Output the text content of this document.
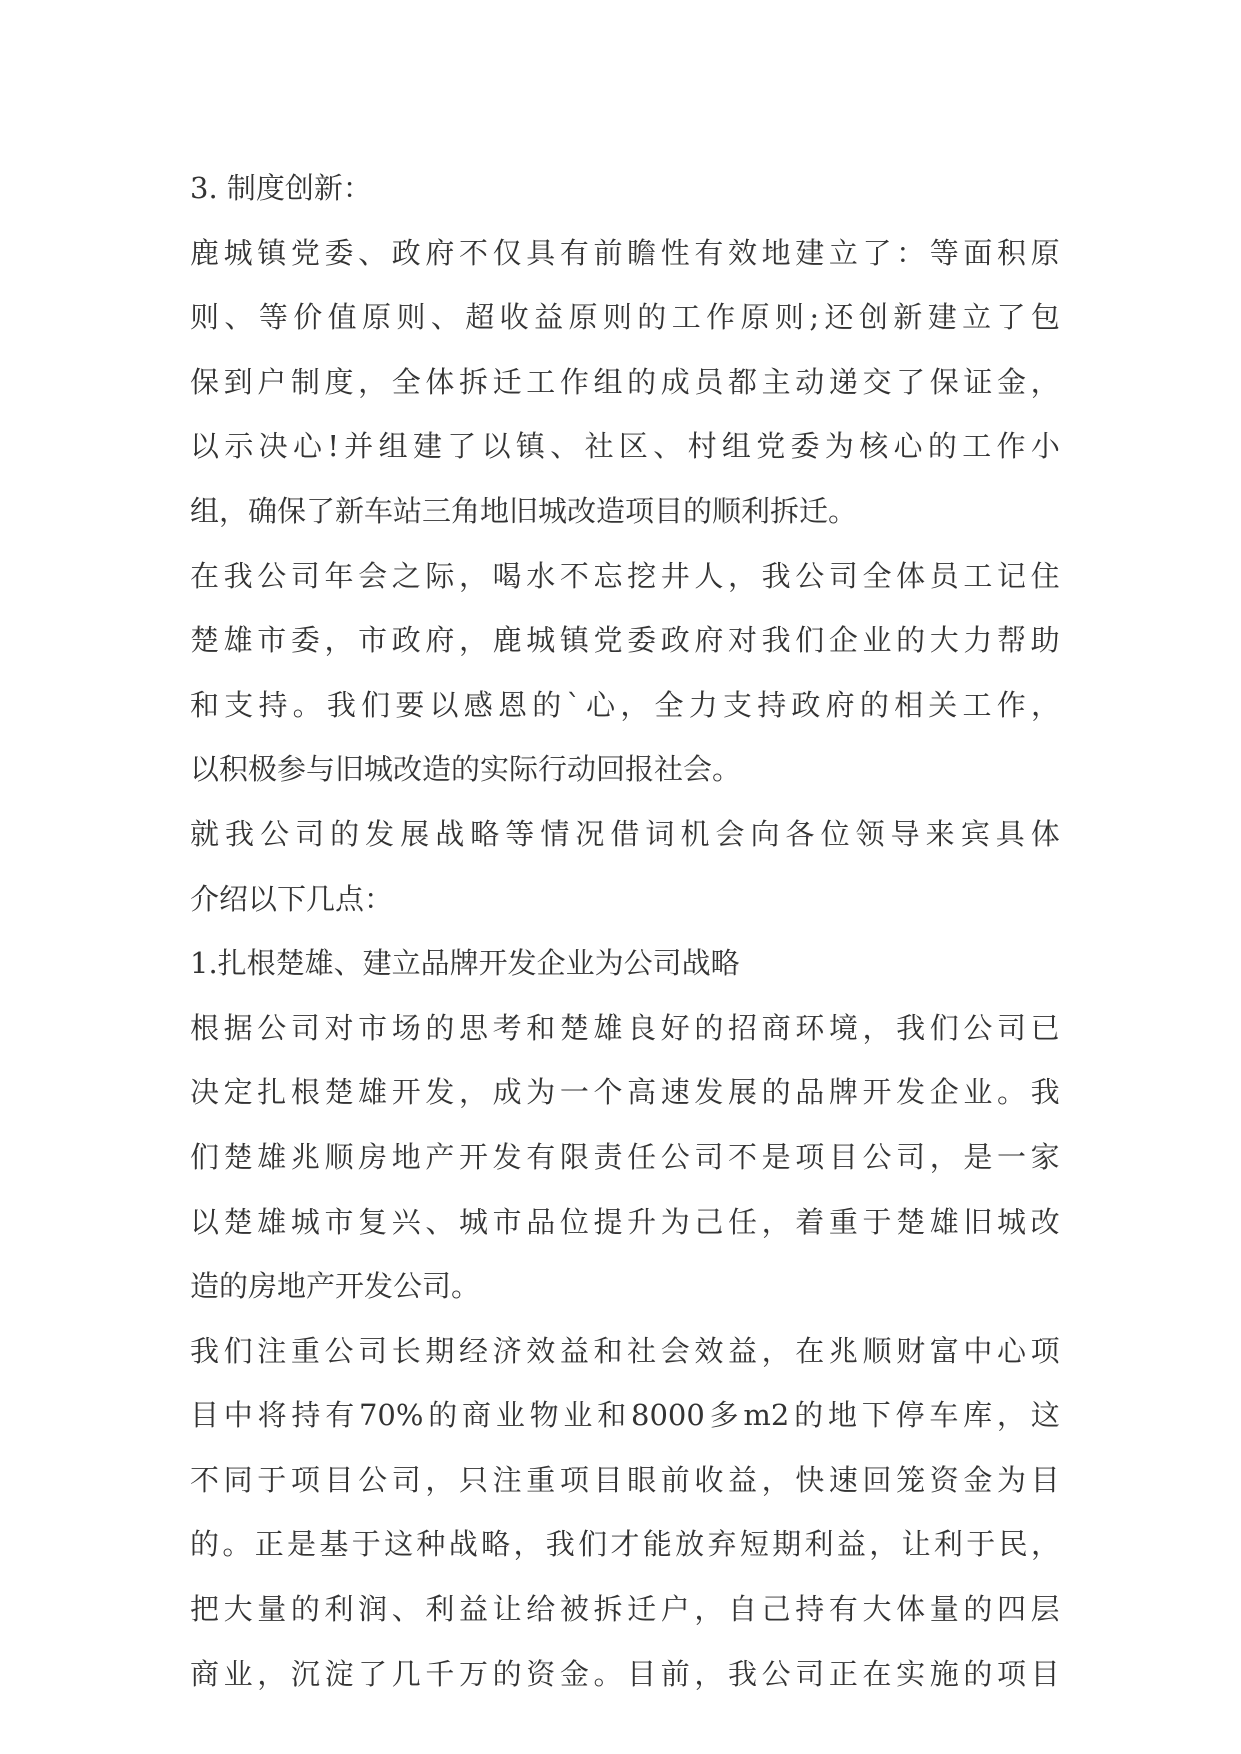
3. 制度创新：
鹿 城 镇 党 委 、 政 府 不 仅 具 有 前 瞻 性 有 效 地 建 立 了 ： 等 面 积 原
则 、 等 价 值 原 则 、 超 收 益 原 则 的 工 作 原 则 ; 还 创 新 建 立 了 包
保 到 户 制 度 ， 全 体 拆 迁 工 作 组 的 成 员 都 主 动 递 交 了 保 证 金 ，
以 示 决 心 ! 并 组 建 了 以 镇 、 社 区 、 村 组 党 委 为 核 心 的 工 作 小
组，确保了新车站三角地旧城改造项目的顺利拆迁。
在 我 公 司 年 会 之 际 ， 喝 水 不 忘 挖 井 人 ， 我 公 司 全 体 员 工 记 住
楚 雄 市 委 ， 市 政 府 ， 鹿 城 镇 党 委 政 府 对 我 们 企 业 的 大 力 帮 助
和 支 持 。 我 们 要 以 感 恩 的 ` 心 ， 全 力 支 持 政 府 的 相 关 工 作 ，
以积极参与旧城改造的实际行动回报社会。
就 我 公 司 的 发 展 战 略 等 情 况 借 词 机 会 向 各 位 领 导 来 宾 具 体
介绍以下几点：
1.扎根楚雄、建立品牌开发企业为公司战略
根 据 公 司 对 市 场 的 思 考 和 楚 雄 良 好 的 招 商 环 境 ， 我 们 公 司 已
决 定 扎 根 楚 雄 开 发 ， 成 为 一 个 高 速 发 展 的 品 牌 开 发 企 业 。 我
们 楚 雄 兆 顺 房 地 产 开 发 有 限 责 任 公 司 不 是 项 目 公 司 ， 是 一 家
以 楚 雄 城 市 复 兴 、 城 市 品 位 提 升 为 己 任 ， 着 重 于 楚 雄 旧 城 改
造的房地产开发公司。
我 们 注 重 公 司 长 期 经 济 效 益 和 社 会 效 益 ， 在 兆 顺 财 富 中 心 项
目 中 将 持 有 70% 的 商 业 物 业 和 8000 多 m2 的 地 下 停 车 库 ， 这
不 同 于 项 目 公 司 ， 只 注 重 项 目 眼 前 收 益 ， 快 速 回 笼 资 金 为 目
的 。 正 是 基 于 这 种 战 略 ， 我 们 才 能 放 弃 短 期 利 益 ， 让 利 于 民 ，
把 大 量 的 利 润 、 利 益 让 给 被 拆 迁 户 ， 自 己 持 有 大 体 量 的 四 层
商 业 ， 沉 淀 了 几 千 万 的 资 金 。 目 前 ， 我 公 司 正 在 实 施 的 项 目
